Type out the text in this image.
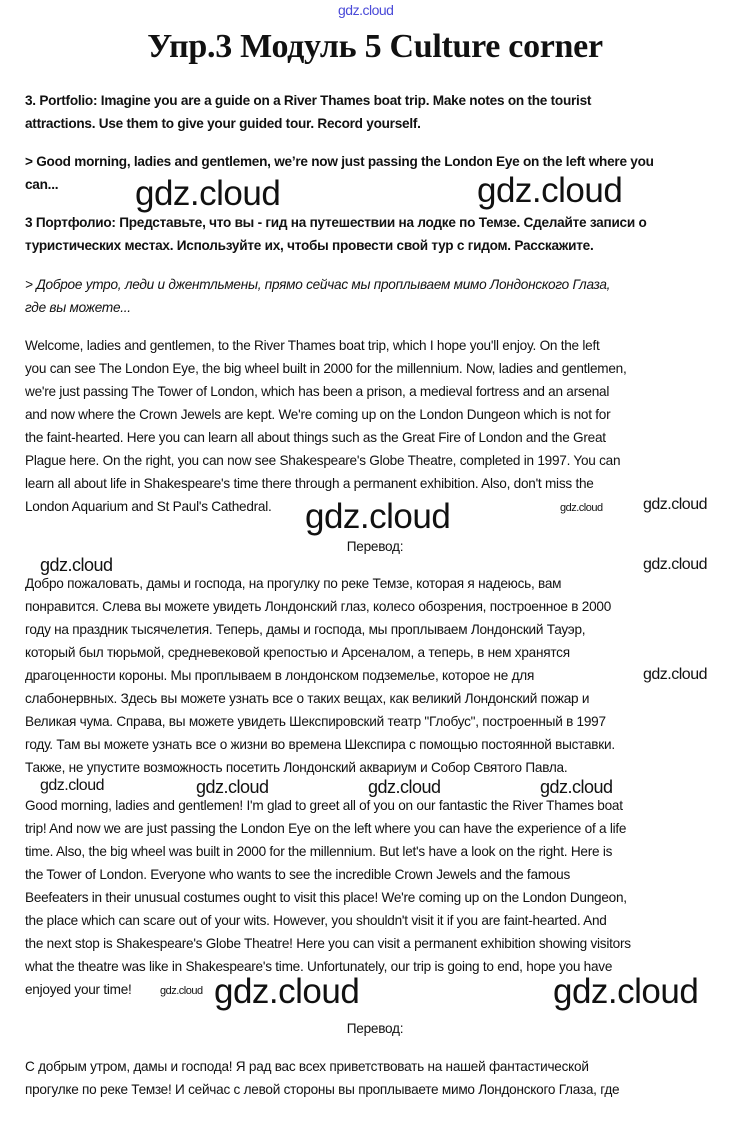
gdz.cloud
Упр.3 Модуль 5 Culture corner
3. Portfolio: Imagine you are a guide on a River Thames boat trip. Make notes on the tourist
attractions. Use them to give your guided tour. Record yourself.
> Good morning, ladies and gentlemen, we’re now just passing the London Eye on the left where you
can...
3 Портфолио: Представьте, что вы - гид на путешествии на лодке по Темзе. Сделайте записи о
туристических местах. Используйте их, чтобы провести свой тур с гидом. Расскажите.
> Доброе утро, леди и джентльмены, прямо сейчас мы проплываем мимо Лондонского Глаза,
где вы можете...
Welcome, ladies and gentlemen, to the River Thames boat trip, which I hope you'll enjoy. On the left
you can see The London Eye, the big wheel built in 2000 for the millennium. Now, ladies and gentlemen,
we're just passing The Tower of London, which has been a prison, a medieval fortress and an arsenal
and now where the Crown Jewels are kept. We're coming up on the London Dungeon which is not for
the faint-hearted. Here you can learn all about things such as the Great Fire of London and the Great
Plague here. On the right, you can now see Shakespeare's Globe Theatre, completed in 1997. You can
learn all about life in Shakespeare's time there through a permanent exhibition. Also, don't miss the
London Aquarium and St Paul's Cathedral.
Перевод:
Добро пожаловать, дамы и господа, на прогулку по реке Темзе, которая я надеюсь, вам
понравится. Слева вы можете увидеть Лондонский глаз, колесо обозрения, построенное в 2000
году на праздник тысячелетия. Теперь, дамы и господа, мы проплываем Лондонский Тауэр,
который был тюрьмой, средневековой крепостью и Арсеналом, а теперь, в нем хранятся
драгоценности короны. Мы проплываем в лондонском подземелье, которое не для
слабонервных. Здесь вы можете узнать все о таких вещах, как великий Лондонский пожар и
Великая чума. Справа, вы можете увидеть Шекспировский театр "Глобус", построенный в 1997
году. Там вы можете узнать все о жизни во времена Шекспира с помощью постоянной выставки.
Также, не упустите возможность посетить Лондонский аквариум и Собор Святого Павла.
Good morning, ladies and gentlemen! I'm glad to greet all of you on our fantastic the River Thames boat
trip! And now we are just passing the London Eye on the left where you can have the experience of a life
time. Also, the big wheel was built in 2000 for the millennium. But let's have a look on the right. Here is
the Tower of London. Everyone who wants to see the incredible Crown Jewels and the famous
Beefeaters in their unusual costumes ought to visit this place! We're coming up on the London Dungeon,
the place which can scare out of your wits. However, you shouldn't visit it if you are faint-hearted. And
the next stop is Shakespeare's Globe Theatre! Here you can visit a permanent exhibition showing visitors
what the theatre was like in Shakespeare's time. Unfortunately, our trip is going to end, hope you have
enjoyed your time!
Перевод:
С добрым утром, дамы и господа! Я рад вас всех приветствовать на нашей фантастической
прогулке по реке Темзе! И сейчас с левой стороны вы проплываете мимо Лондонского Глаза, где
gdz.cloud	gdz.cloud
gdz.cloud
gdz.cloud
gdz.cloud
gdz.cloud
gdz.cloud
gdz.cloud
gdz.cloud
gdz.cloud	gdz.cloud	gdz.cloud	gdz.cloud
gdz.cloud	gdz.cloud
